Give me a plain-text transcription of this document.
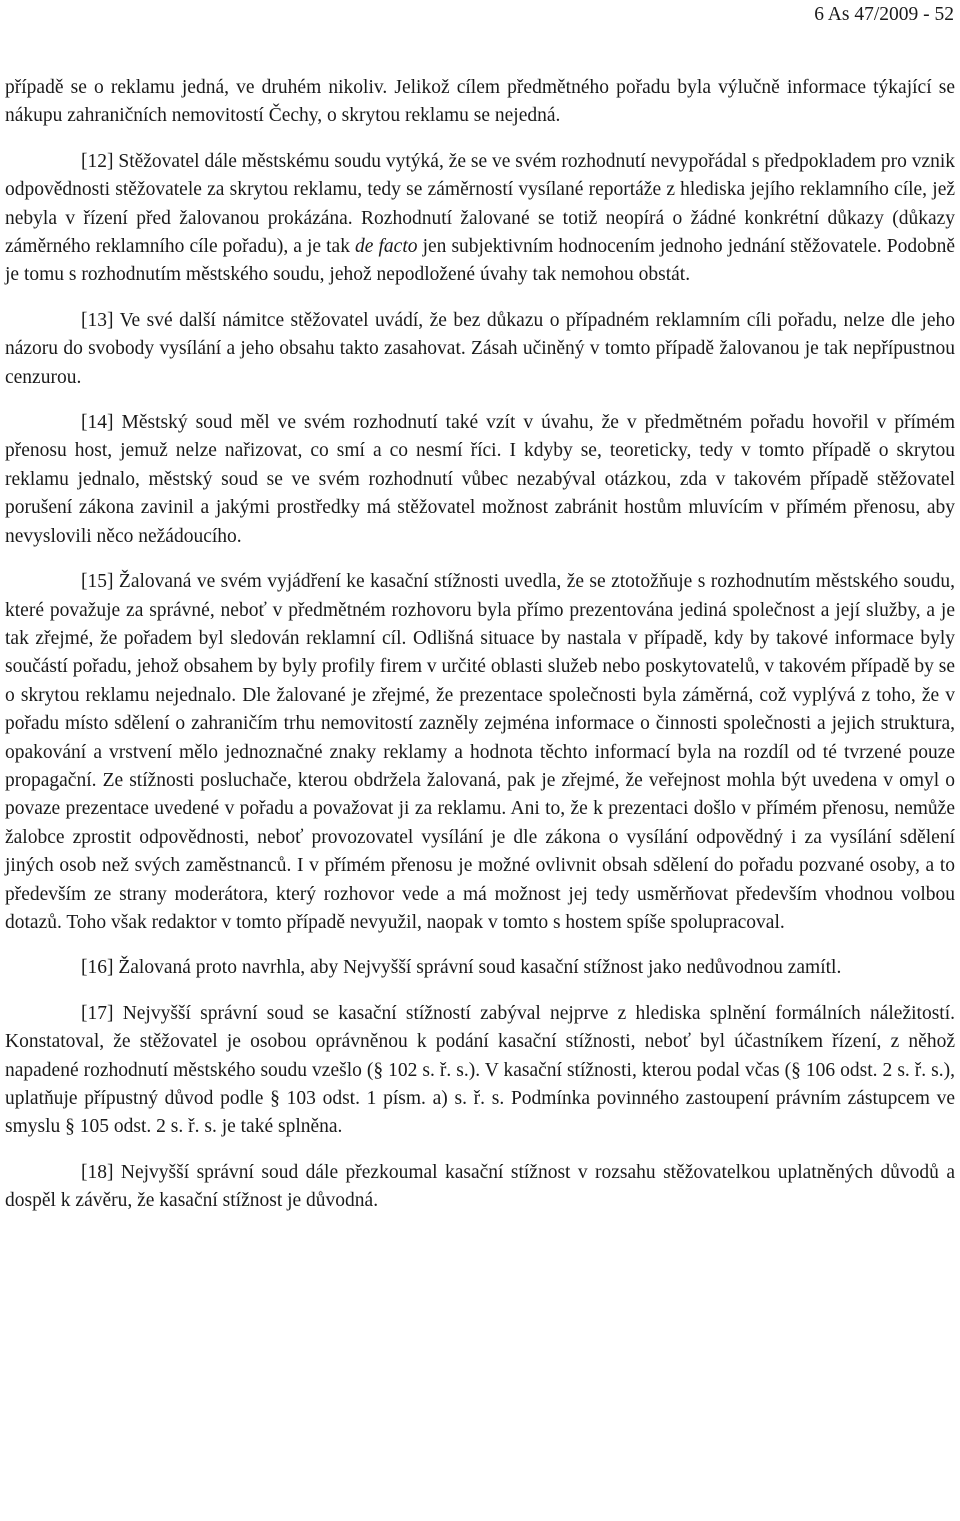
6 As 47/2009 - 52

případě se o reklamu jedná, ve druhém nikoliv. Jelikož cílem předmětného pořadu byla výlučně informace týkající se nákupu zahraničních nemovitostí Čechy, o skrytou reklamu se nejedná.

[12] Stěžovatel dále městskému soudu vytýká, že se ve svém rozhodnutí nevypořádal s předpokladem pro vznik odpovědnosti stěžovatele za skrytou reklamu, tedy se záměrností vysílané reportáže z hlediska jejího reklamního cíle, jež nebyla v řízení před žalovanou prokázána. Rozhodnutí žalované se totiž neopírá o žádné konkrétní důkazy (důkazy záměrného reklamního cíle pořadu), a je tak de facto jen subjektivním hodnocením jednoho jednání stěžovatele. Podobně je tomu s rozhodnutím městského soudu, jehož nepodložené úvahy tak nemohou obstát.

[13] Ve své další námitce stěžovatel uvádí, že bez důkazu o případném reklamním cíli pořadu, nelze dle jeho názoru do svobody vysílání a jeho obsahu takto zasahovat. Zásah učiněný v tomto případě žalovanou je tak nepřípustnou cenzurou.

[14] Městský soud měl ve svém rozhodnutí také vzít v úvahu, že v předmětném pořadu hovořil v přímém přenosu host, jemuž nelze nařizovat, co smí a co nesmí říci. I kdyby se, teoreticky, tedy v tomto případě o skrytou reklamu jednalo, městský soud se ve svém rozhodnutí vůbec nezabýval otázkou, zda v takovém případě stěžovatel porušení zákona zavinil a jakými prostředky má stěžovatel možnost zabránit hostům mluvícím v přímém přenosu, aby nevyslovili něco nežádoucího.

[15] Žalovaná ve svém vyjádření ke kasační stížnosti uvedla, že se ztotožňuje s rozhodnutím městského soudu, které považuje za správné, neboť v předmětném rozhovoru byla přímo prezentována jediná společnost a její služby, a je tak zřejmé, že pořadem byl sledován reklamní cíl. Odlišná situace by nastala v případě, kdy by takové informace byly součástí pořadu, jehož obsahem by byly profily firem v určité oblasti služeb nebo poskytovatelů, v takovém případě by se o skrytou reklamu nejednalo. Dle žalované je zřejmé, že prezentace společnosti byla záměrná, což vyplývá z toho, že v pořadu místo sdělení o zahraničím trhu nemovitostí zazněly zejména informace o činnosti společnosti a jejich struktura, opakování a vrstvení mělo jednoznačné znaky reklamy a hodnota těchto informací byla na rozdíl od té tvrzené pouze propagační. Ze stížnosti posluchače, kterou obdržela žalovaná, pak je zřejmé, že veřejnost mohla být uvedena v omyl o povaze prezentace uvedené v pořadu a považovat ji za reklamu. Ani to, že k prezentaci došlo v přímém přenosu, nemůže žalobce zprostit odpovědnosti, neboť provozovatel vysílání je dle zákona o vysílání odpovědný i za vysílání sdělení jiných osob než svých zaměstnanců. I v přímém přenosu je možné ovlivnit obsah sdělení do pořadu pozvané osoby, a to především ze strany moderátora, který rozhovor vede a má možnost jej tedy usměrňovat především vhodnou volbou dotazů. Toho však redaktor v tomto případě nevyužil, naopak v tomto s hostem spíše spolupracoval.

[16] Žalovaná proto navrhla, aby Nejvyšší správní soud kasační stížnost jako nedůvodnou zamítl.

[17] Nejvyšší správní soud se kasační stížností zabýval nejprve z hlediska splnění formálních náležitostí. Konstatoval, že stěžovatel je osobou oprávněnou k podání kasační stížnosti, neboť byl účastníkem řízení, z něhož napadené rozhodnutí městského soudu vzešlo (§ 102 s. ř. s.). V kasační stížnosti, kterou podal včas (§ 106 odst. 2 s. ř. s.), uplatňuje přípustný důvod podle § 103 odst. 1 písm. a) s. ř. s. Podmínka povinného zastoupení právním zástupcem ve smyslu § 105 odst. 2 s. ř. s. je také splněna.

[18] Nejvyšší správní soud dále přezkoumal kasační stížnost v rozsahu stěžovatelkou uplatněných důvodů a dospěl k závěru, že kasační stížnost je důvodná.
